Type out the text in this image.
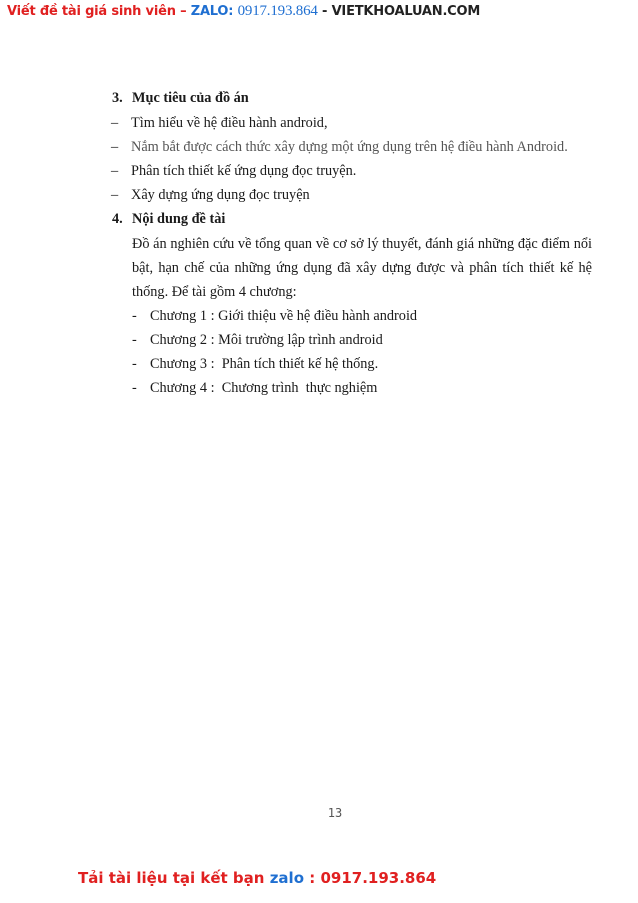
Viết đề tài giá sinh viên – ZALO: 0917.193.864 - VIETKHOALUAN.COM
3. Mục tiêu của đồ án
– Tìm hiểu về hệ điều hành android,
– Nắm bắt được cách thức xây dựng một ứng dụng trên hệ điều hành Android.
– Phân tích thiết kế ứng dụng đọc truyện.
– Xây dựng ứng dụng đọc truyện
4. Nội dung đề tài
Đồ án nghiên cứu về tổng quan về cơ sở lý thuyết, đánh giá những đặc điểm nổi bật, hạn chế của những ứng dụng đã xây dựng được và phân tích thiết kế hệ thống. Để tài gồm 4 chương:
- Chương 1 : Giới thiệu về hệ điều hành android
- Chương 2 : Môi trường lập trình android
- Chương 3 :  Phân tích thiết kế hệ thống.
- Chương 4 :  Chương trình  thực nghiệm
13
Tải tài liệu tại kết bạn zalo : 0917.193.864
